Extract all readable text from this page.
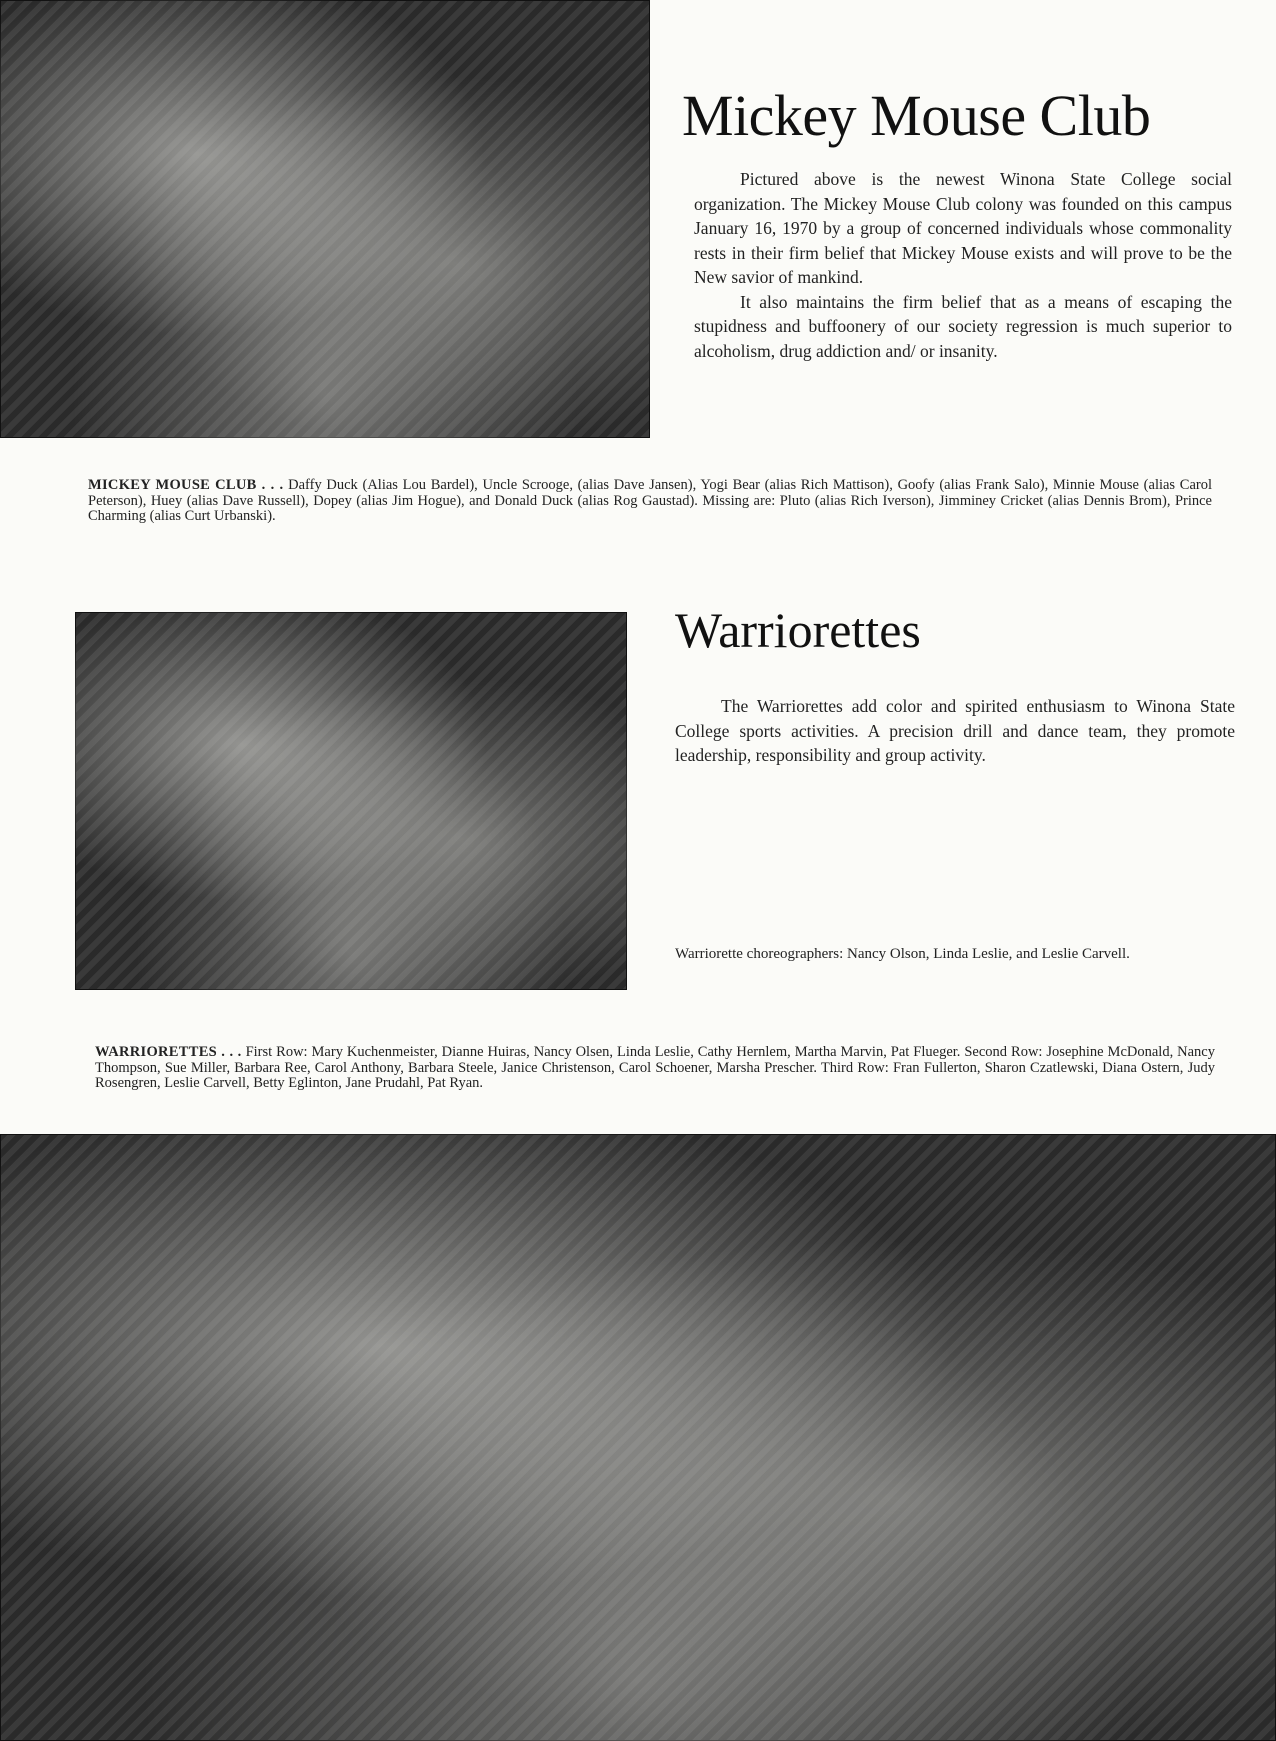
Mickey Mouse Club

Pictured above is the newest Winona State College social organization. The Mickey Mouse Club colony was founded on this campus January 16, 1970 by a group of concerned individuals whose commonality rests in their firm belief that Mickey Mouse exists and will prove to be the New savior of mankind.

It also maintains the firm belief that as a means of escaping the stupidness and buffoonery of our society regression is much superior to alcoholism, drug addiction and/ or insanity.

MICKEY MOUSE CLUB . . . Daffy Duck (Alias Lou Bardel), Uncle Scrooge, (alias Dave Jansen), Yogi Bear (alias Rich Mattison), Goofy (alias Frank Salo), Minnie Mouse (alias Carol Peterson), Huey (alias Dave Russell), Dopey (alias Jim Hogue), and Donald Duck (alias Rog Gaustad). Missing are: Pluto (alias Rich Iverson), Jimminey Cricket (alias Dennis Brom), Prince Charming (alias Curt Urbanski).

Warriorettes

The Warriorettes add color and spirited enthusiasm to Winona State College sports activities. A precision drill and dance team, they promote leadership, responsibility and group activity.

Warriorette choreographers: Nancy Olson, Linda Leslie, and Leslie Carvell.

WARRIORETTES . . . First Row: Mary Kuchenmeister, Dianne Huiras, Nancy Olsen, Linda Leslie, Cathy Hernlem, Martha Marvin, Pat Flueger. Second Row: Josephine McDonald, Nancy Thompson, Sue Miller, Barbara Ree, Carol Anthony, Barbara Steele, Janice Christenson, Carol Schoener, Marsha Prescher. Third Row: Fran Fullerton, Sharon Czatlewski, Diana Ostern, Judy Rosengren, Leslie Carvell, Betty Eglinton, Jane Prudahl, Pat Ryan.
